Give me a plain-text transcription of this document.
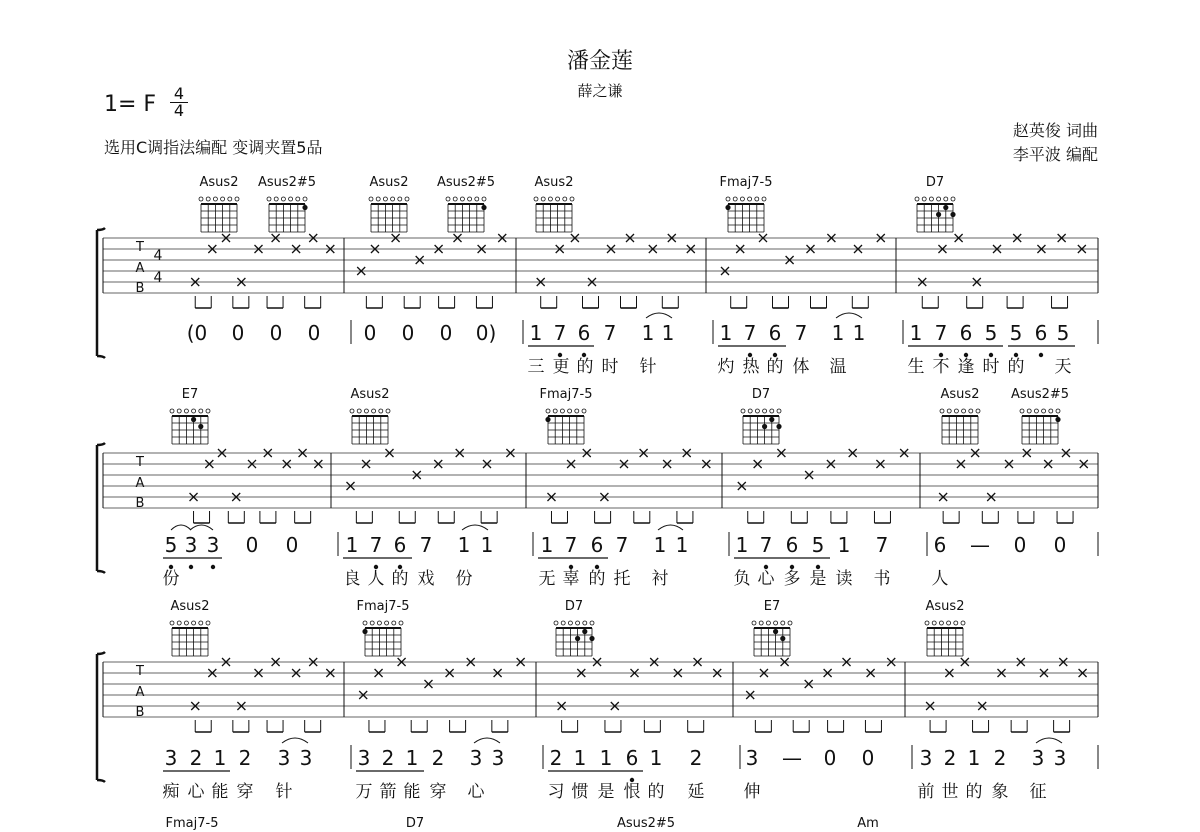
潘金莲
薛之谦
1= F 4
4
选用C调指法编配 变调夹置5品
赵英俊 词曲
李平波 编配
T
A
B
4
4
Asus2 Asus2#5	Asus2 Asus2#5	Asus2	Fmaj7-5	D7
(0 0 0 0 0 0 0 0) 1 7 6 7 1 1 1 7 6 7 1 1 1 7 6 5 5 6 5
三 更 的 时 针	灼 热 的 体 温	生 不 逢 时 的 天
T
A
B
E7	Asus2	Fmaj7-5	D7	Asus2 Asus2#5
5 3 3 0 0 1 7 6 7 1 1 1 7 6 7 1 1 1 7 6 5 1 7 6 — 0 0
份	良 人 的 戏 份	无 辜 的 托 衬	负 心 多 是 读 书 人
T
A
B
Asus2	Fmaj7-5	D7	E7	Asus2
3 2 1 2 3 3 3 2 1 2 3 3 2 1 1 6 1 2 3 — 0 0 3 2 1 2 3 3
痴 心 能 穿 针	万 箭 能 穿 心	习 惯 是 恨 的 延 伸	前 世 的 象 征
Fmaj7-5	D7	Asus2#5	Am
